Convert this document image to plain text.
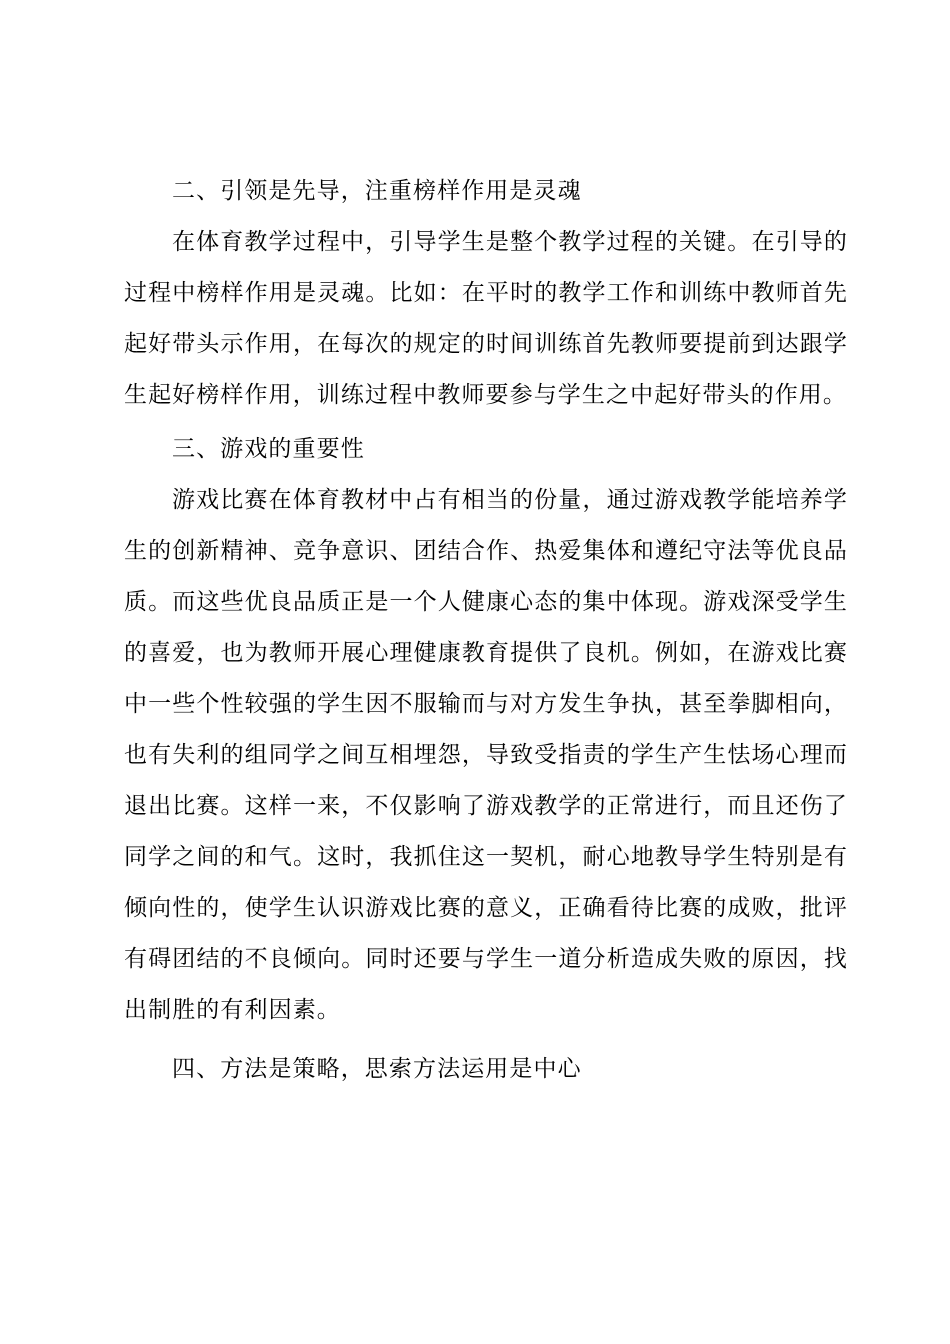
二、引领是先导，注重榜样作用是灵魂

在体育教学过程中，引导学生是整个教学过程的关键。在引导的过程中榜样作用是灵魂。比如：在平时的教学工作和训练中教师首先起好带头示作用，在每次的规定的时间训练首先教师要提前到达跟学生起好榜样作用，训练过程中教师要参与学生之中起好带头的作用。

三、游戏的重要性

游戏比赛在体育教材中占有相当的份量，通过游戏教学能培养学生的创新精神、竞争意识、团结合作、热爱集体和遵纪守法等优良品质。而这些优良品质正是一个人健康心态的集中体现。游戏深受学生的喜爱，也为教师开展心理健康教育提供了良机。例如，在游戏比赛中一些个性较强的学生因不服输而与对方发生争执，甚至拳脚相向，也有失利的组同学之间互相埋怨，导致受指责的学生产生怯场心理而退出比赛。这样一来，不仅影响了游戏教学的正常进行，而且还伤了同学之间的和气。这时，我抓住这一契机，耐心地教导学生特别是有倾向性的，使学生认识游戏比赛的意义，正确看待比赛的成败，批评有碍团结的不良倾向。同时还要与学生一道分析造成失败的原因，找出制胜的有利因素。

四、方法是策略，思索方法运用是中心
